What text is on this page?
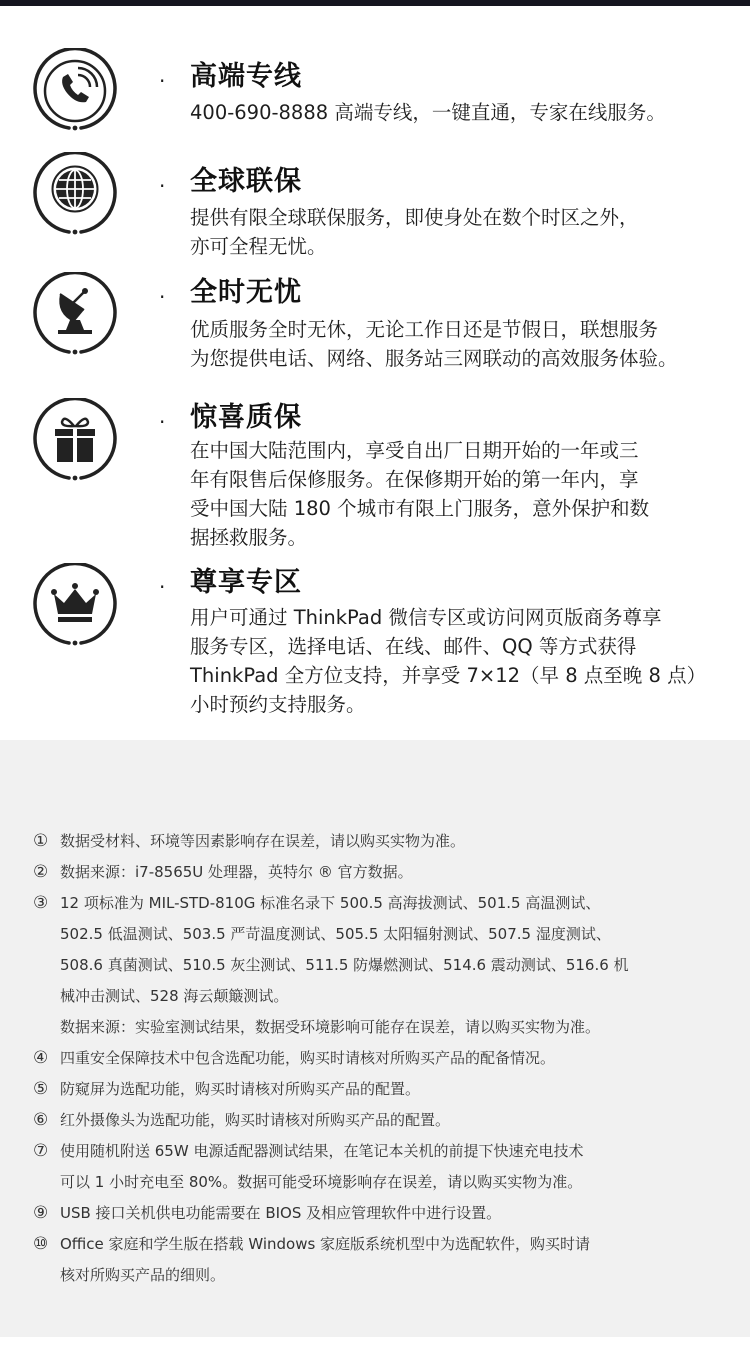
· 高端专线
400-690-8888 高端专线，一键直通，专家在线服务。
· 全球联保
提供有限全球联保服务，即使身处在数个时区之外，
亦可全程无忧。
· 全时无忧
优质服务全时无休，无论工作日还是节假日，联想服务
为您提供电话、网络、服务站三网联动的高效服务体验。
· 惊喜质保
在中国大陆范围内，享受自出厂日期开始的一年或三
年有限售后保修服务。在保修期开始的第一年内，享
受中国大陆 180 个城市有限上门服务，意外保护和数
据拯救服务。
· 尊享专区
用户可通过 ThinkPad 微信专区或访问网页版商务尊享
服务专区，选择电话、在线、邮件、QQ 等方式获得
ThinkPad 全方位支持，并享受 7×12（早 8 点至晚 8 点）
小时预约支持服务。
① 数据受材料、环境等因素影响存在误差，请以购买实物为准。
② 数据来源：i7-8565U 处理器，英特尔 ® 官方数据。
③ 12 项标准为 MIL-STD-810G 标准名录下 500.5 高海拔测试、501.5 高温测试、
502.5 低温测试、503.5 严苛温度测试、505.5 太阳辐射测试、507.5 湿度测试、
508.6 真菌测试、510.5 灰尘测试、511.5 防爆燃测试、514.6 震动测试、516.6 机
械冲击测试、528 海云颠簸测试。
数据来源：实验室测试结果，数据受环境影响可能存在误差，请以购买实物为准。
④ 四重安全保障技术中包含选配功能，购买时请核对所购买产品的配备情况。
⑤ 防窥屏为选配功能，购买时请核对所购买产品的配置。
⑥ 红外摄像头为选配功能，购买时请核对所购买产品的配置。
⑦ 使用随机附送 65W 电源适配器测试结果，在笔记本关机的前提下快速充电技术
可以 1 小时充电至 80%。数据可能受环境影响存在误差，请以购买实物为准。
⑨ USB 接口关机供电功能需要在 BIOS 及相应管理软件中进行设置。
⑩ Office 家庭和学生版在搭载 Windows 家庭版系统机型中为选配软件，购买时请
核对所购买产品的细则。
